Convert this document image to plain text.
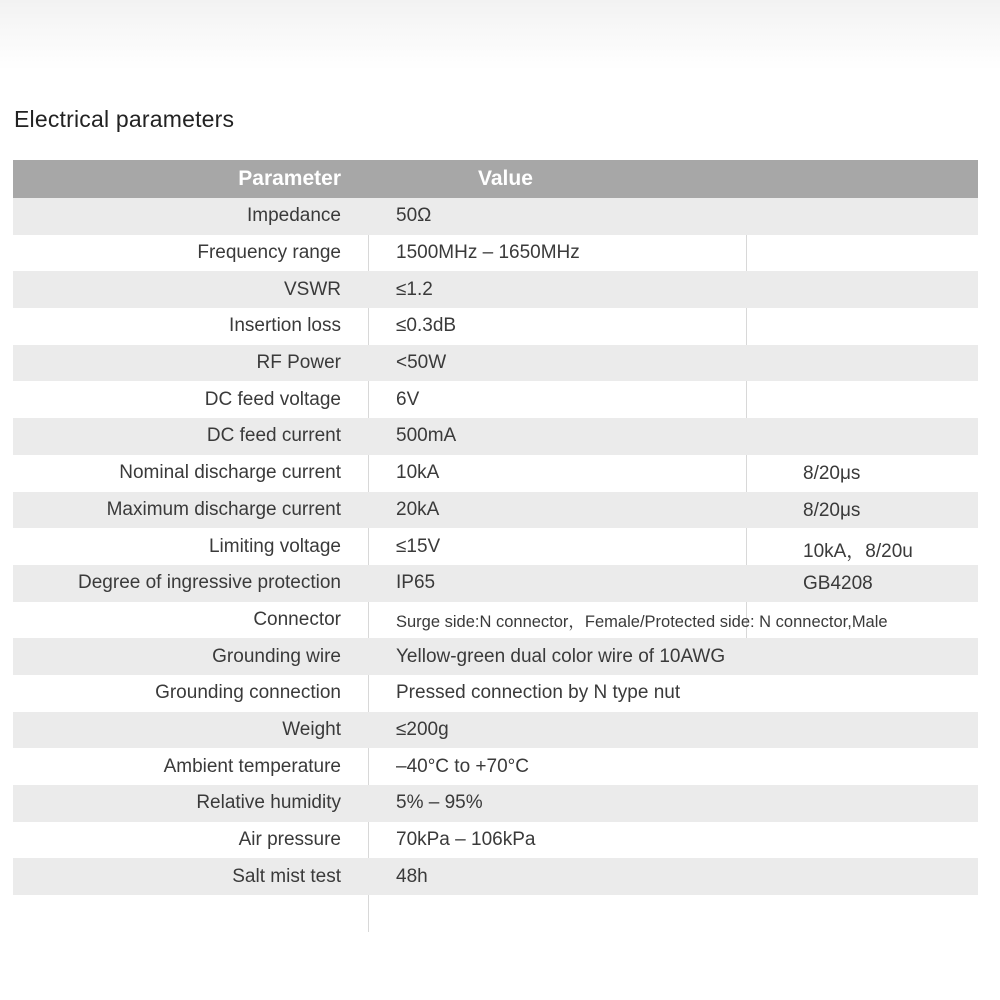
Electrical parameters
Parameter	Value
Impedance	50Ω
Frequency range	1500MHz – 1650MHz
VSWR	≤1.2
Insertion loss	≤0.3dB
RF Power	<50W
DC feed voltage	6V
DC feed current	500mA
Nominal discharge current	10kA	8/20μs
Maximum discharge current	20kA	8/20μs
Limiting voltage	≤15V	10kA，8/20u
Degree of ingressive protection	IP65	GB4208
Connector	Surge side:N connector，Female/Protected side: N connector,Male
Grounding wire	Yellow-green dual color wire of 10AWG
Grounding connection	Pressed connection by N type nut
Weight	≤200g
Ambient temperature	–40°C to +70°C
Relative humidity	5% – 95%
Air pressure	70kPa – 106kPa
Salt mist test	48h
